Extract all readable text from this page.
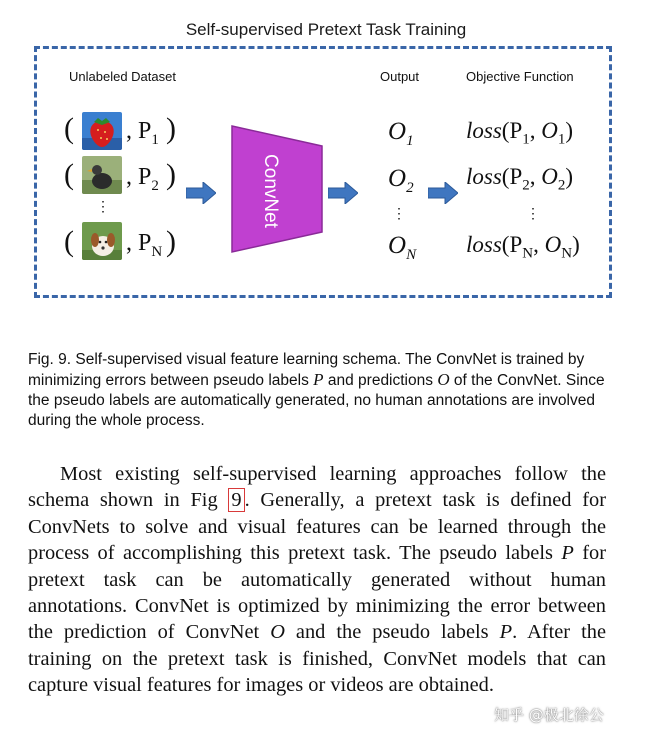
Self-supervised Pretext Task Training
Unlabeled Dataset	Output	Objective Function
( , $P_1$ )
( , $P_2$ )
⋮
( , $P_N$ )
ConvNet
$O_1$
$O_2$
⋮
$O_N$
$loss(P_1$, $O_1$)
$loss(P_2$, $O_2$)
⋮
$loss(P_N$, $O_N$)
Fig. 9. Self-supervised visual feature learning schema. The ConvNet is trained by minimizing errors between pseudo labels P and predictions O of the ConvNet. Since the pseudo labels are automatically generated, no human annotations are involved during the whole process.
Most existing self-supervised learning approaches follow the schema shown in Fig 9 . Generally, a pretext task is defined for ConvNets to solve and visual features can be learned through the process of accomplishing this pretext task. The pseudo labels P for pretext task can be automatically generated without human annotations. ConvNet is optimized by minimizing the error between the prediction of ConvNet O and the pseudo labels P. After the training on the pretext task is finished, ConvNet models that can capture visual features for images or videos are obtained.
知乎 @极北徐公
